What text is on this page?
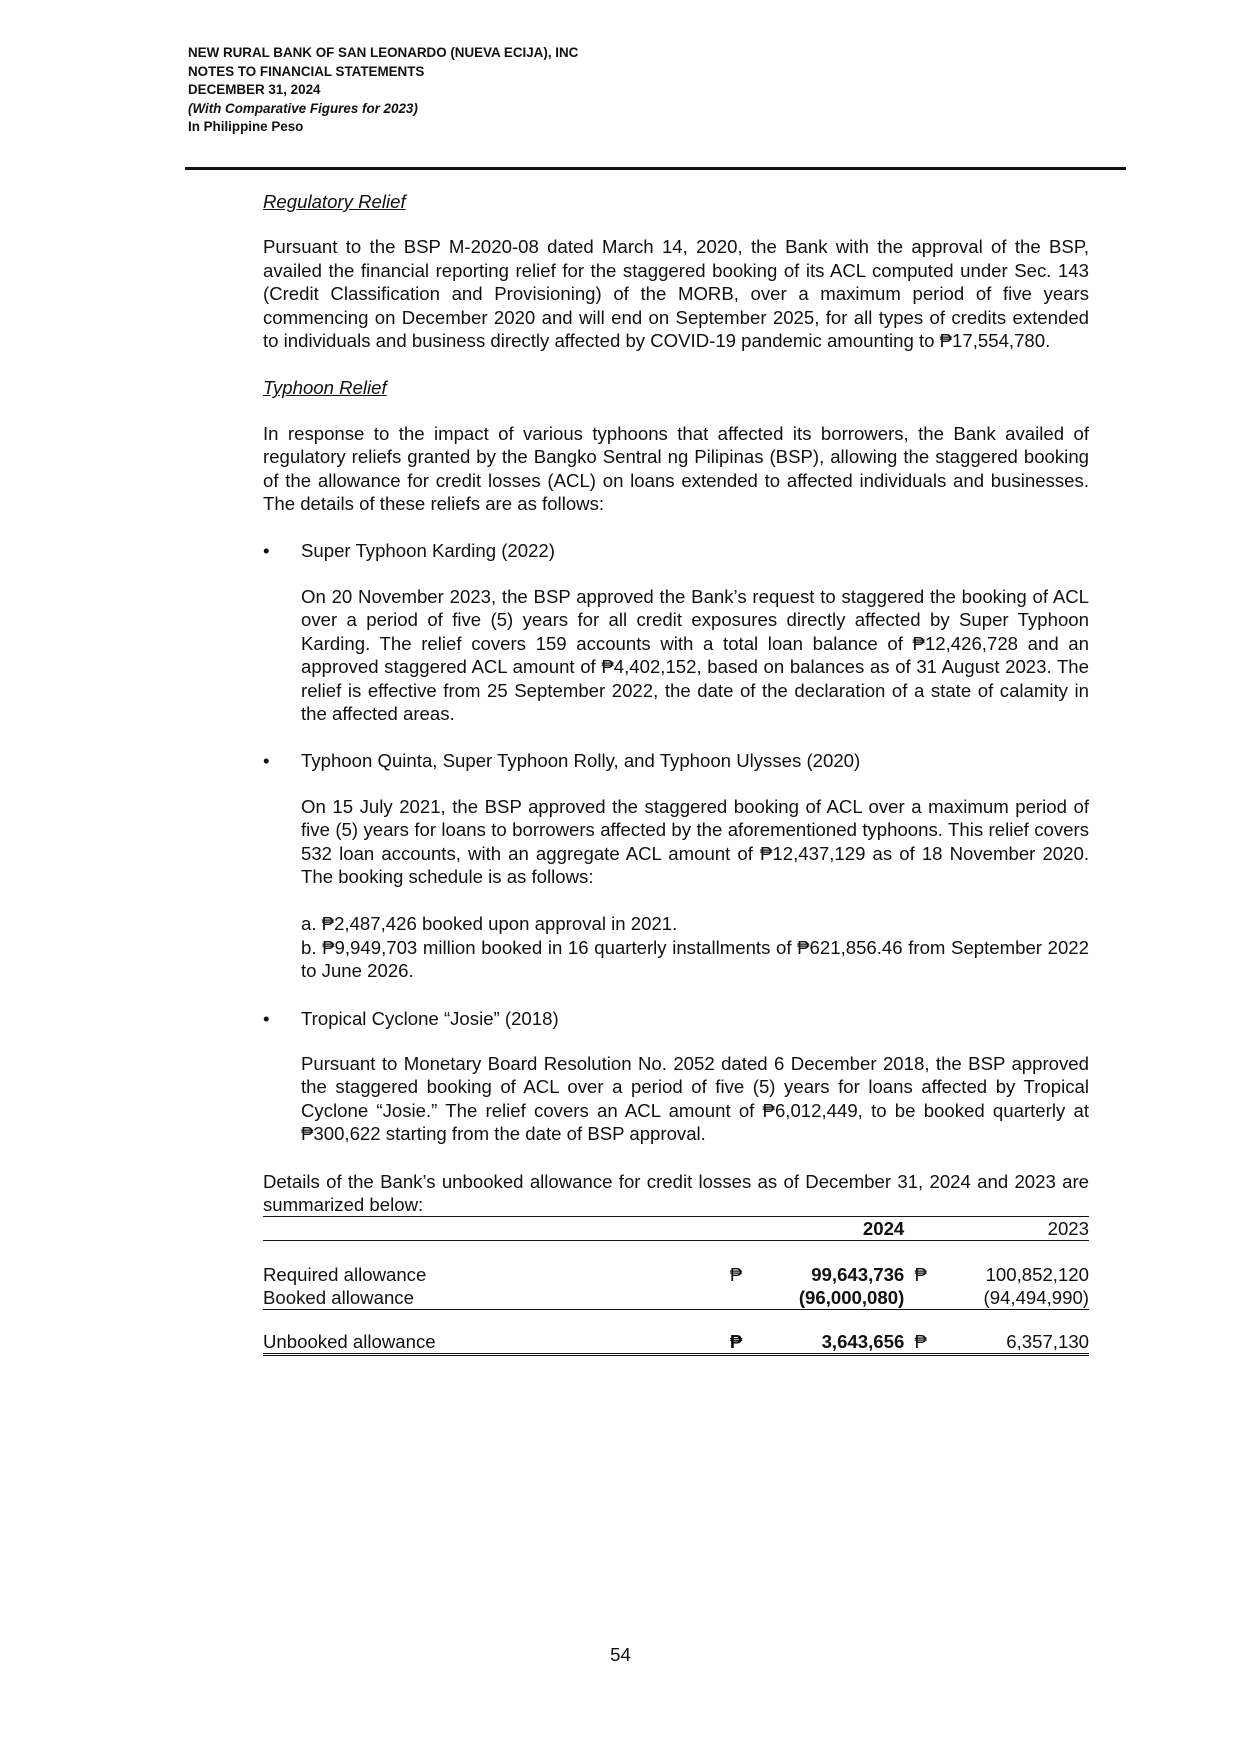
NEW RURAL BANK OF SAN LEONARDO (NUEVA ECIJA), INC
NOTES TO FINANCIAL STATEMENTS
DECEMBER 31, 2024
(With Comparative Figures for 2023)
In Philippine Peso
Regulatory Relief

Pursuant to the BSP M-2020-08 dated March 14, 2020, the Bank with the approval of the BSP, availed the financial reporting relief for the staggered booking of its ACL computed under Sec. 143 (Credit Classification and Provisioning) of the MORB, over a maximum period of five years commencing on December 2020 and will end on September 2025, for all types of credits extended to individuals and business directly affected by COVID-19 pandemic amounting to ₱17,554,780.

Typhoon Relief

In response to the impact of various typhoons that affected its borrowers, the Bank availed of regulatory reliefs granted by the Bangko Sentral ng Pilipinas (BSP), allowing the staggered booking of the allowance for credit losses (ACL) on loans extended to affected individuals and businesses. The details of these reliefs are as follows:

•	Super Typhoon Karding (2022)

On 20 November 2023, the BSP approved the Bank’s request to staggered the booking of ACL over a period of five (5) years for all credit exposures directly affected by Super Typhoon Karding. The relief covers 159 accounts with a total loan balance of ₱12,426,728 and an approved staggered ACL amount of ₱4,402,152, based on balances as of 31 August 2023. The relief is effective from 25 September 2022, the date of the declaration of a state of calamity in the affected areas.

•	Typhoon Quinta, Super Typhoon Rolly, and Typhoon Ulysses (2020)

On 15 July 2021, the BSP approved the staggered booking of ACL over a maximum period of five (5) years for loans to borrowers affected by the aforementioned typhoons. This relief covers 532 loan accounts, with an aggregate ACL amount of ₱12,437,129 as of 18 November 2020. The booking schedule is as follows:

a. ₱2,487,426 booked upon approval in 2021.

b. ₱9,949,703 million booked in 16 quarterly installments of ₱621,856.46 from September 2022 to June 2026.

•	Tropical Cyclone “Josie” (2018)

Pursuant to Monetary Board Resolution No. 2052 dated 6 December 2018, the BSP approved the staggered booking of ACL over a period of five (5) years for loans affected by Tropical Cyclone “Josie.” The relief covers an ACL amount of ₱6,012,449, to be booked quarterly at ₱300,622 starting from the date of BSP approval.

Details of the Bank’s unbooked allowance for credit losses as of December 31, 2024 and 2023 are summarized below:

		2024			2023

Required allowance	₱	99,643,736		₱	100,852,120
Booked allowance		(96,000,080)			(94,494,990)

Unbooked allowance	₱	3,643,656		₱	6,357,130
54
